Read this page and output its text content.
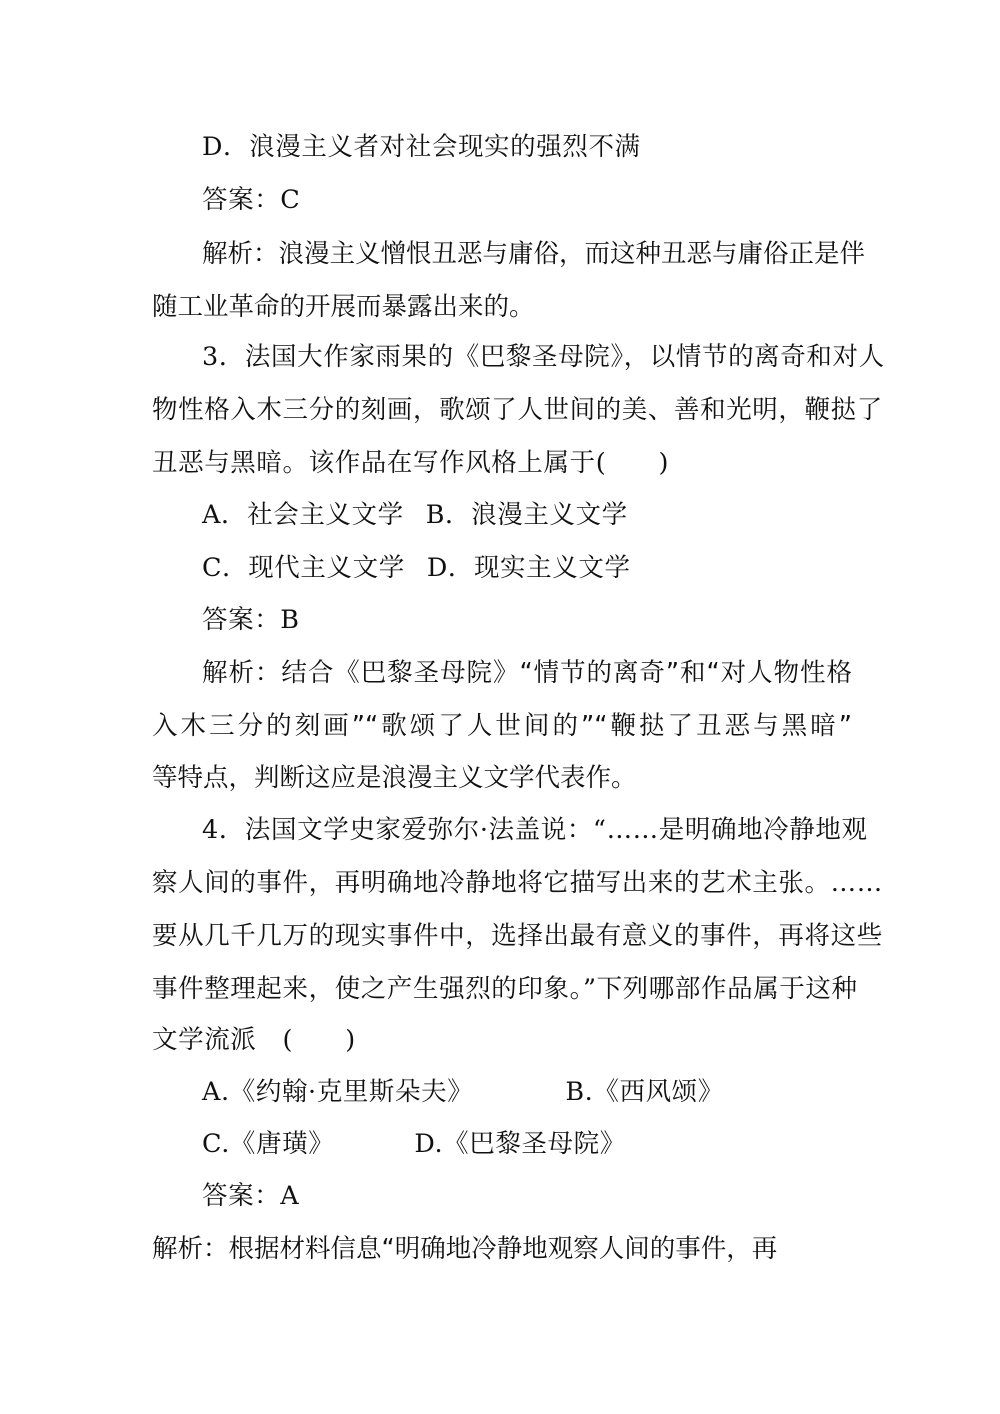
D．浪漫主义者对社会现实的强烈不满
答案：C
解析：浪漫主义憎恨丑恶与庸俗，而这种丑恶与庸俗正是伴
随工业革命的开展而暴露出来的。
3．法国大作家雨果的《巴黎圣母院》，以情节的离奇和对人
物性格入木三分的刻画，歌颂了人世间的美、善和光明，鞭挞了
丑恶与黑暗。该作品在写作风格上属于(　　)
A．社会主义文学 B．浪漫主义文学
C．现代主义文学 D．现实主义文学
答案：B
解析：结合《巴黎圣母院》“情节的离奇”和“对人物性格
入木三分的刻画”“歌颂了人世间的”“鞭挞了丑恶与黑暗”
等特点，判断这应是浪漫主义文学代表作。
4．法国文学史家爱弥尔·法盖说：“……是明确地冷静地观
察人间的事件，再明确地冷静地将它描写出来的艺术主张。……
要从几千几万的现实事件中，选择出最有意义的事件，再将这些
事件整理起来，使之产生强烈的印象。”下列哪部作品属于这种
文学流派　(　　)
A.《约翰·克里斯朵夫》	B.《西风颂》
C.《唐璜》	D.《巴黎圣母院》
答案：A
解析：根据材料信息“明确地冷静地观察人间的事件，再
